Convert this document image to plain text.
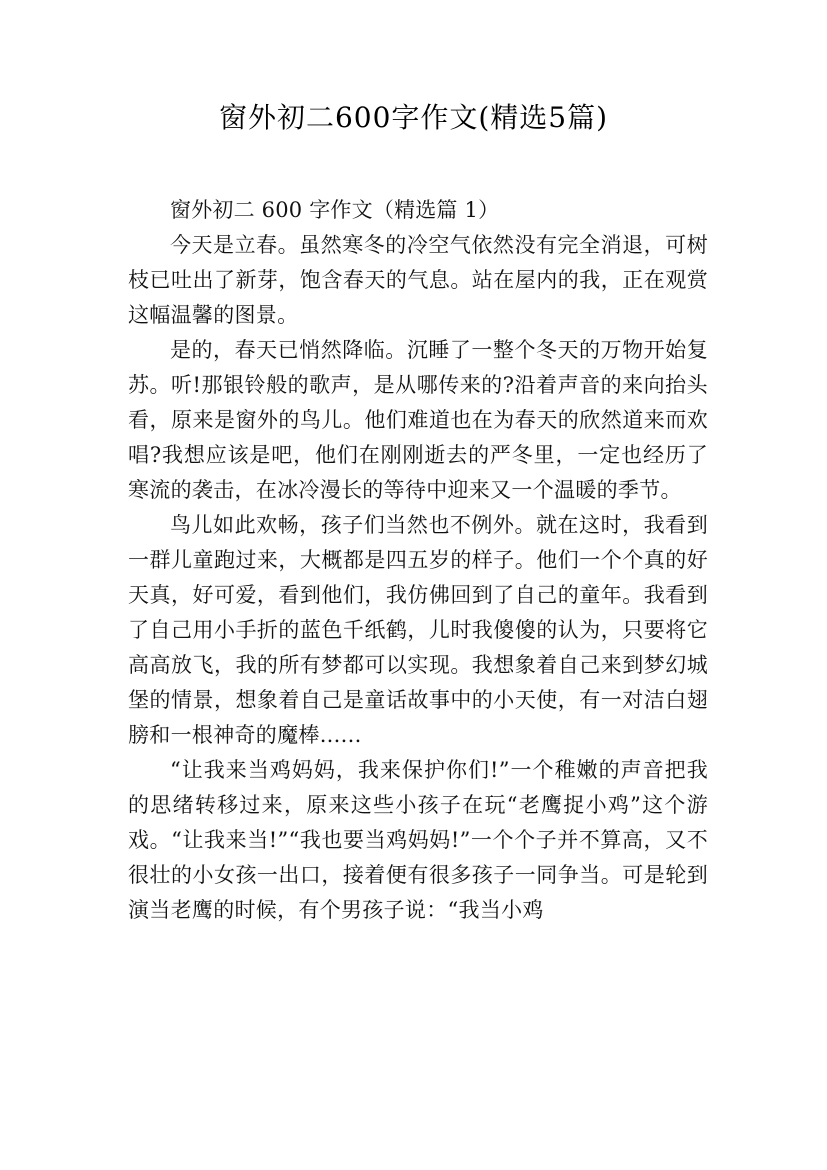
窗外初二600字作文(精选5篇)

窗外初二 600 字作文（精选篇 1）

今天是立春。虽然寒冬的冷空气依然没有完全消退，可树枝已吐出了新芽，饱含春天的气息。站在屋内的我，正在观赏这幅温馨的图景。

是的，春天已悄然降临。沉睡了一整个冬天的万物开始复苏。听!那银铃般的歌声，是从哪传来的?沿着声音的来向抬头看，原来是窗外的鸟儿。他们难道也在为春天的欣然道来而欢唱?我想应该是吧，他们在刚刚逝去的严冬里，一定也经历了寒流的袭击，在冰冷漫长的等待中迎来又一个温暖的季节。

鸟儿如此欢畅，孩子们当然也不例外。就在这时，我看到一群儿童跑过来，大概都是四五岁的样子。他们一个个真的好天真，好可爱，看到他们，我仿佛回到了自己的童年。我看到了自己用小手折的蓝色千纸鹤，儿时我傻傻的认为，只要将它高高放飞，我的所有梦都可以实现。我想象着自己来到梦幻城堡的情景，想象着自己是童话故事中的小天使，有一对洁白翅膀和一根神奇的魔棒......

“让我来当鸡妈妈，我来保护你们!”一个稚嫩的声音把我的思绪转移过来，原来这些小孩子在玩“老鹰捉小鸡”这个游戏。“让我来当!”“我也要当鸡妈妈!”一个个子并不算高，又不很壮的小女孩一出口，接着便有很多孩子一同争当。可是轮到演当老鹰的时候，有个男孩子说：“我当小鸡
